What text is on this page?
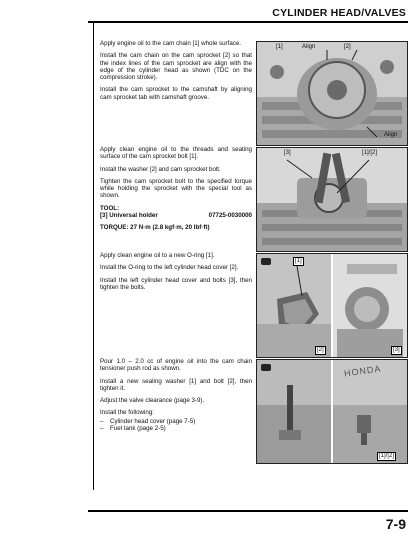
CYLINDER HEAD/VALVES

Apply engine oil to the cam chain [1] whole surface.

Install the cam chain on the cam sprocket [2] so that the index lines of the cam sprocket are align with the edge of the cylinder head as shown (TDC on the compression stroke).

Install the cam sprocket to the camshaft by aligning cam sprocket tab with camshaft groove.

[1]	Align	[2]
Align

Apply clean engine oil to the threads and seating surface of the cam sprocket bolt [1].

Install the washer [2] and cam sprocket bolt.

Tighten the cam sprocket bolt to the specified torque while holding the sprocket with the special tool as shown.

TOOL:
[3] Universal holder	07725-0030000
TORQUE: 27 N·m (2.8 kgf·m, 20 lbf·ft)
[3]	[1]/[2]

Apply clean engine oil to a new O-ring [1].

Install the O-ring to the left cylinder head cover [2].

Install the left cylinder head cover and bolts [3], then tighten the bolts.

[1]
[2]	[3]

Pour 1.0 – 2.0 cc of engine oil into the cam chain tensioner push rod as shown.

Install a new sealing washer [1] and bolt [2], then tighten it.

Adjust the valve clearance (page 3-9).

Install the following:

–	Cylinder head cover (page 7-5)
–	Fuel tank (page 2-5)
HONDA
[1]/[2]
7-9
